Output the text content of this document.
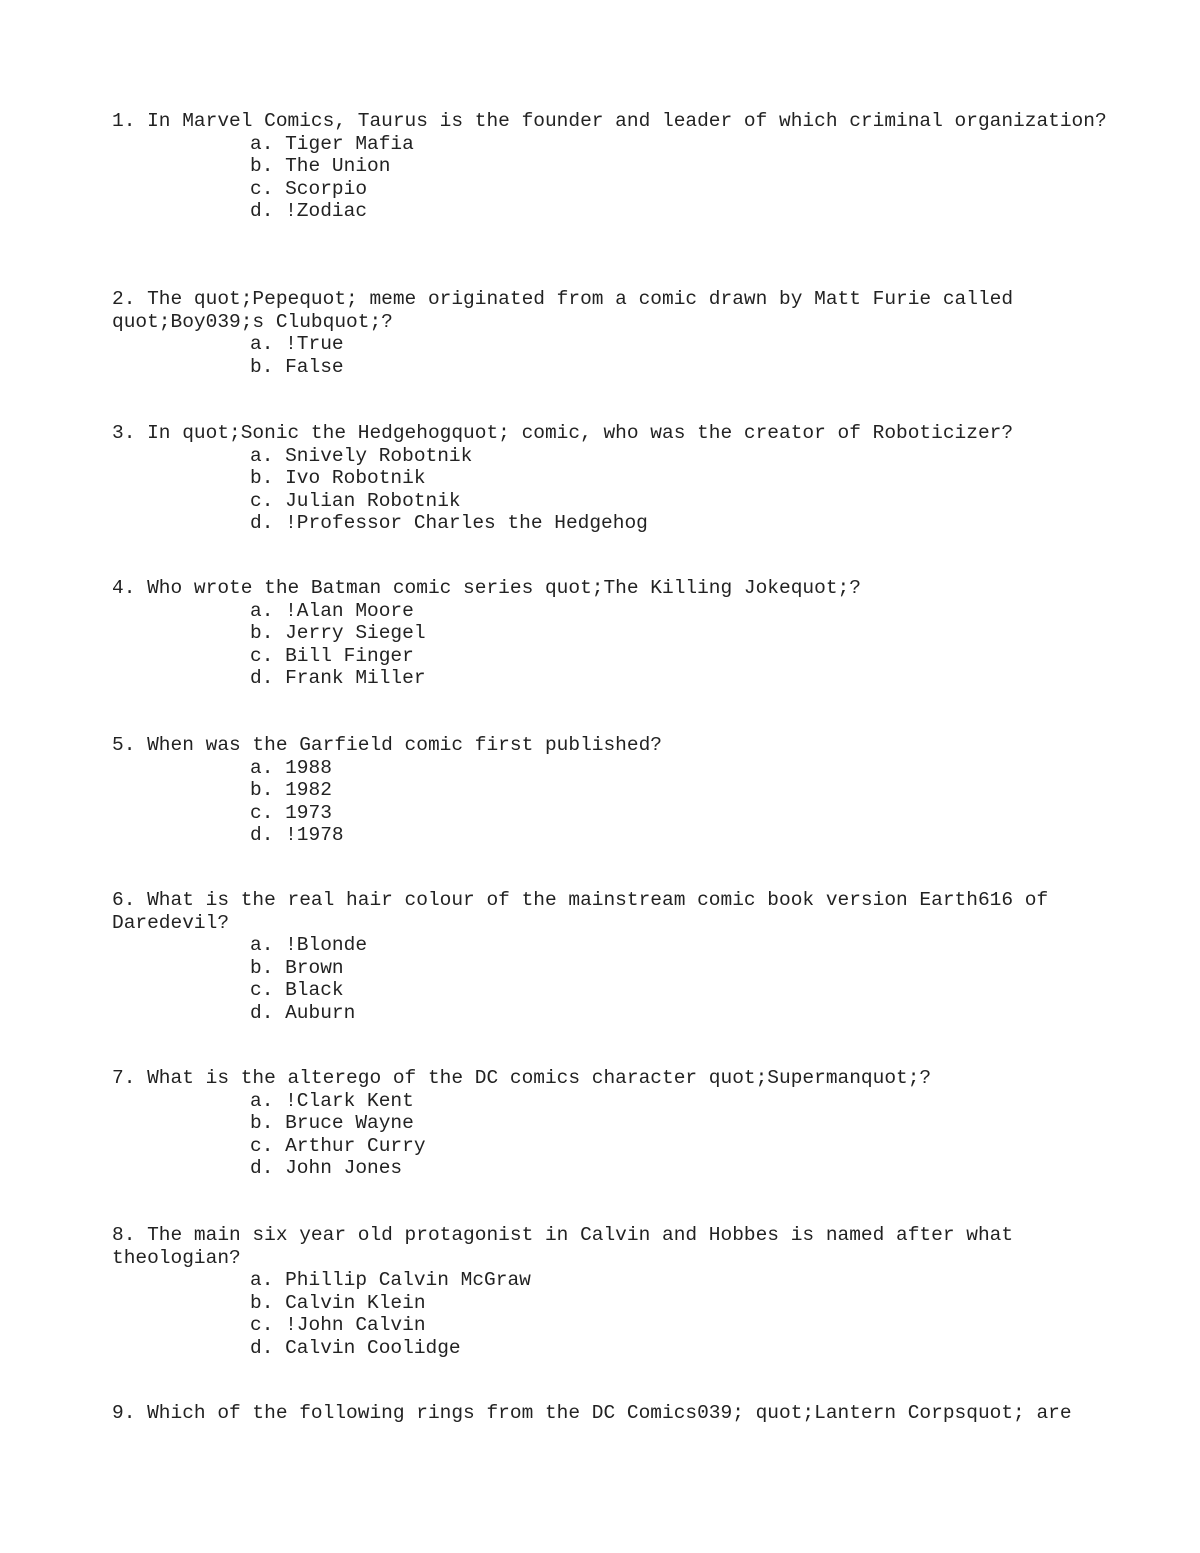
1. In Marvel Comics, Taurus is the founder and leader of which criminal organization?

a. Tiger Mafia
b. The Union
c. Scorpio
d. !Zodiac

2. The quot;Pepequot; meme originated from a comic drawn by Matt Furie called quot;Boy039;s Clubquot;?

a. !True
b. False

3. In quot;Sonic the Hedgehogquot; comic, who was the creator of Roboticizer?

a. Snively Robotnik
b. Ivo Robotnik
c. Julian Robotnik
d. !Professor Charles the Hedgehog

4. Who wrote the Batman comic series quot;The Killing Jokequot;?

a. !Alan Moore
b. Jerry Siegel
c. Bill Finger
d. Frank Miller

5. When was the Garfield comic first published?

a. 1988
b. 1982
c. 1973
d. !1978

6. What is the real hair colour of the mainstream comic book version Earth616 of Daredevil?

a. !Blonde
b. Brown
c. Black
d. Auburn

7. What is the alterego of the DC comics character quot;Supermanquot;?

a. !Clark Kent
b. Bruce Wayne
c. Arthur Curry
d. John Jones

8. The main six year old protagonist in Calvin and Hobbes is named after what theologian?

a. Phillip Calvin McGraw
b. Calvin Klein
c. !John Calvin
d. Calvin Coolidge

9. Which of the following rings from the DC Comics039; quot;Lantern Corpsquot; are
